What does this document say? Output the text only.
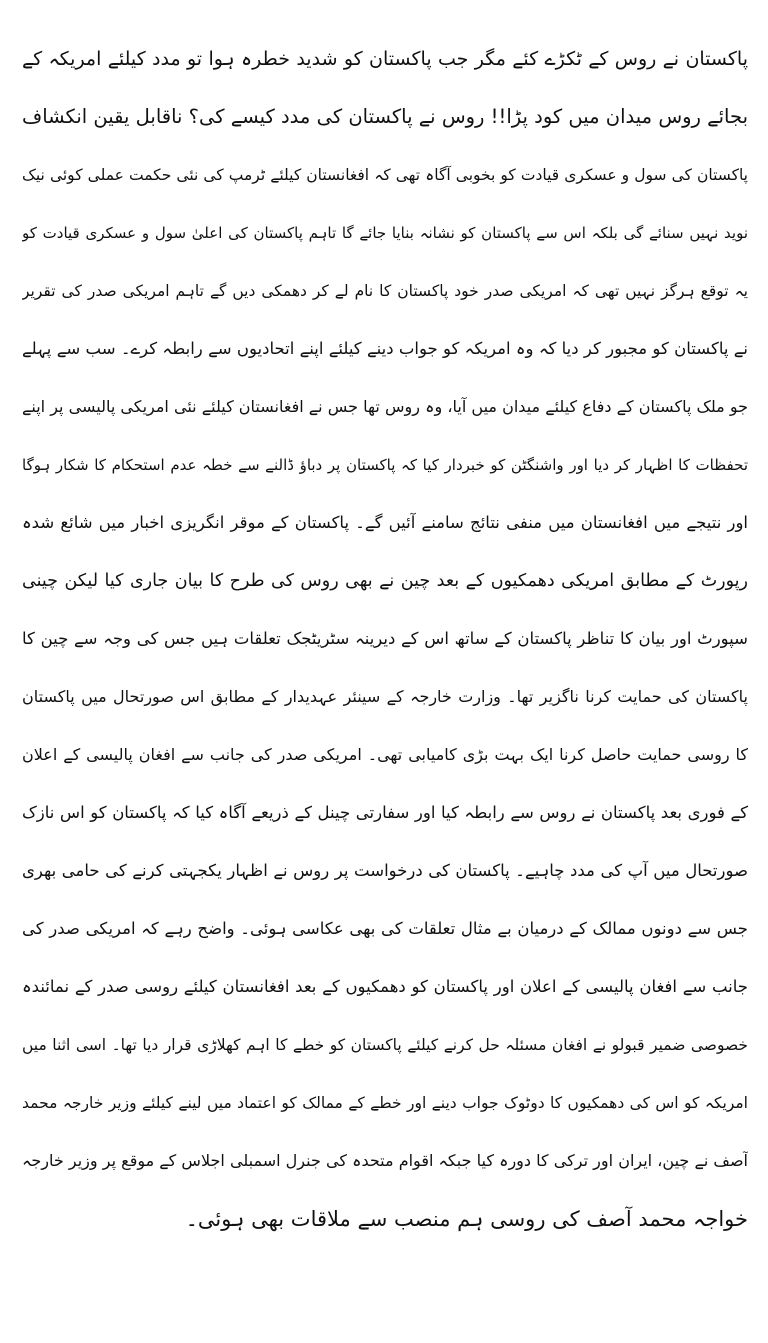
پاکستان نے روس کے ٹکڑے کئے مگر جب پاکستان کو شدید خطرہ ہوا تو مدد کیلئے امریکہ کے
بجائے روس میدان میں کود پڑا!! روس نے پاکستان کی مدد کیسے کی؟ ناقابل یقین انکشاف
پاکستان کی سول و عسکری قیادت کو بخوبی آگاہ تھی کہ افغانستان کیلئے ٹرمپ کی نئی حکمت عملی کوئی نیک
نوید نہیں سنائے گی بلکہ اس سے پاکستان کو نشانہ بنایا جائے گا تاہم پاکستان کی اعلیٰ سول و عسکری قیادت کو
یہ توقع ہرگز نہیں تھی کہ امریکی صدر خود پاکستان کا نام لے کر دھمکی دیں گے تاہم امریکی صدر کی تقریر
نے پاکستان کو مجبور کر دیا کہ وہ امریکہ کو جواب دینے کیلئے اپنے اتحادیوں سے رابطہ کرے۔ سب سے پہلے
جو ملک پاکستان کے دفاع کیلئے میدان میں آیا، وہ روس تھا جس نے افغانستان کیلئے نئی امریکی پالیسی پر اپنے
تحفظات کا اظہار کر دیا اور واشنگٹن کو خبردار کیا کہ پاکستان پر دباؤ ڈالنے سے خطہ عدم استحکام کا شکار ہوگا
اور نتیجے میں افغانستان میں منفی نتائج سامنے آئیں گے۔ پاکستان کے موقر انگریزی اخبار میں شائع شدہ
رپورٹ کے مطابق امریکی دھمکیوں کے بعد چین نے بھی روس کی طرح کا بیان جاری کیا لیکن چینی
سپورٹ اور بیان کا تناظر پاکستان کے ساتھ اس کے دیرینہ سٹریٹجک تعلقات ہیں جس کی وجہ سے چین کا
پاکستان کی حمایت کرنا ناگزیر تھا۔ وزارت خارجہ کے سینئر عہدیدار کے مطابق اس صورتحال میں پاکستان
کا روسی حمایت حاصل کرنا ایک بہت بڑی کامیابی تھی۔ امریکی صدر کی جانب سے افغان پالیسی کے اعلان
کے فوری بعد پاکستان نے روس سے رابطہ کیا اور سفارتی چینل کے ذریعے آگاہ کیا کہ پاکستان کو اس نازک
صورتحال میں آپ کی مدد چاہیے۔ پاکستان کی درخواست پر روس نے اظہار یکجہتی کرنے کی حامی بھری
جس سے دونوں ممالک کے درمیان بے مثال تعلقات کی بھی عکاسی ہوئی۔ واضح رہے کہ امریکی صدر کی
جانب سے افغان پالیسی کے اعلان اور پاکستان کو دھمکیوں کے بعد افغانستان کیلئے روسی صدر کے نمائندہ
خصوصی ضمیر قبولو نے افغان مسئلہ حل کرنے کیلئے پاکستان کو خطے کا اہم کھلاڑی قرار دیا تھا۔ اسی اثنا میں
امریکہ کو اس کی دھمکیوں کا دوٹوک جواب دینے اور خطے کے ممالک کو اعتماد میں لینے کیلئے وزیر خارجہ محمد
آصف نے چین، ایران اور ترکی کا دورہ کیا جبکہ اقوام متحدہ کی جنرل اسمبلی اجلاس کے موقع پر وزیر خارجہ
خواجہ محمد آصف کی روسی ہم منصب سے ملاقات بھی ہوئی۔
